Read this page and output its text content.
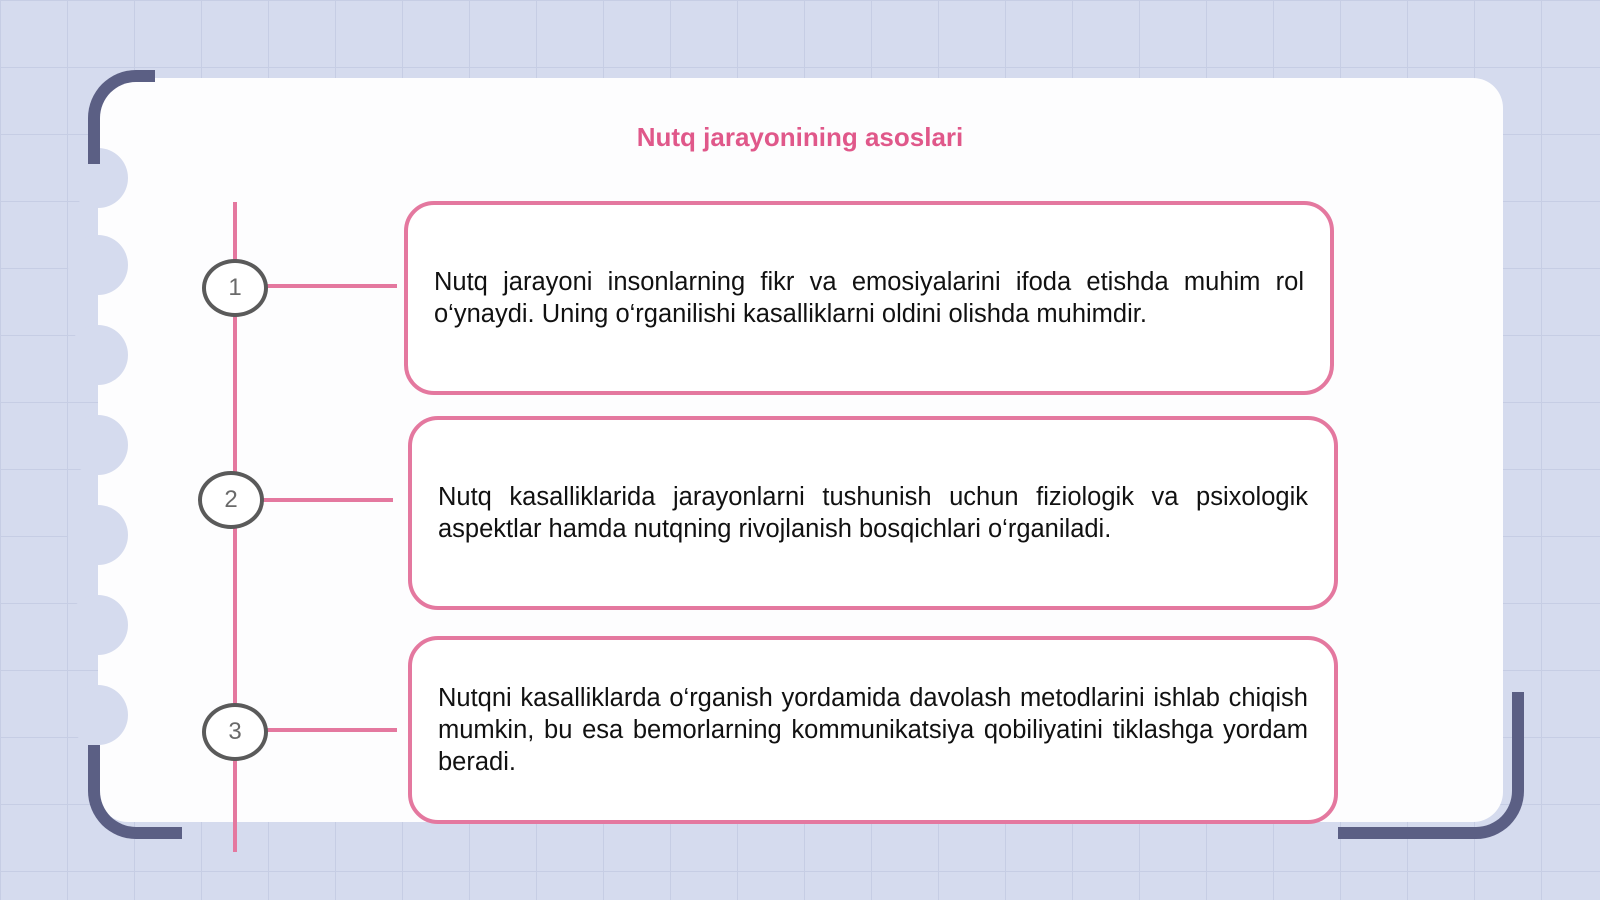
Nutq jarayonining asoslari
1
2
3

Nutq jarayoni insonlarning fikr va emosiyalarini ifoda etishda muhim rol o‘ynaydi. Uning o‘rganilishi kasalliklarni oldini olishda muhimdir.

Nutq kasalliklarida jarayonlarni tushunish uchun fiziologik va psixologik aspektlar hamda nutqning rivojlanish bosqichlari o‘rganiladi.

Nutqni kasalliklarda o‘rganish yordamida davolash metodlarini ishlab chiqish mumkin, bu esa bemorlarning kommunikatsiya qobiliyatini tiklashga yordam beradi.
